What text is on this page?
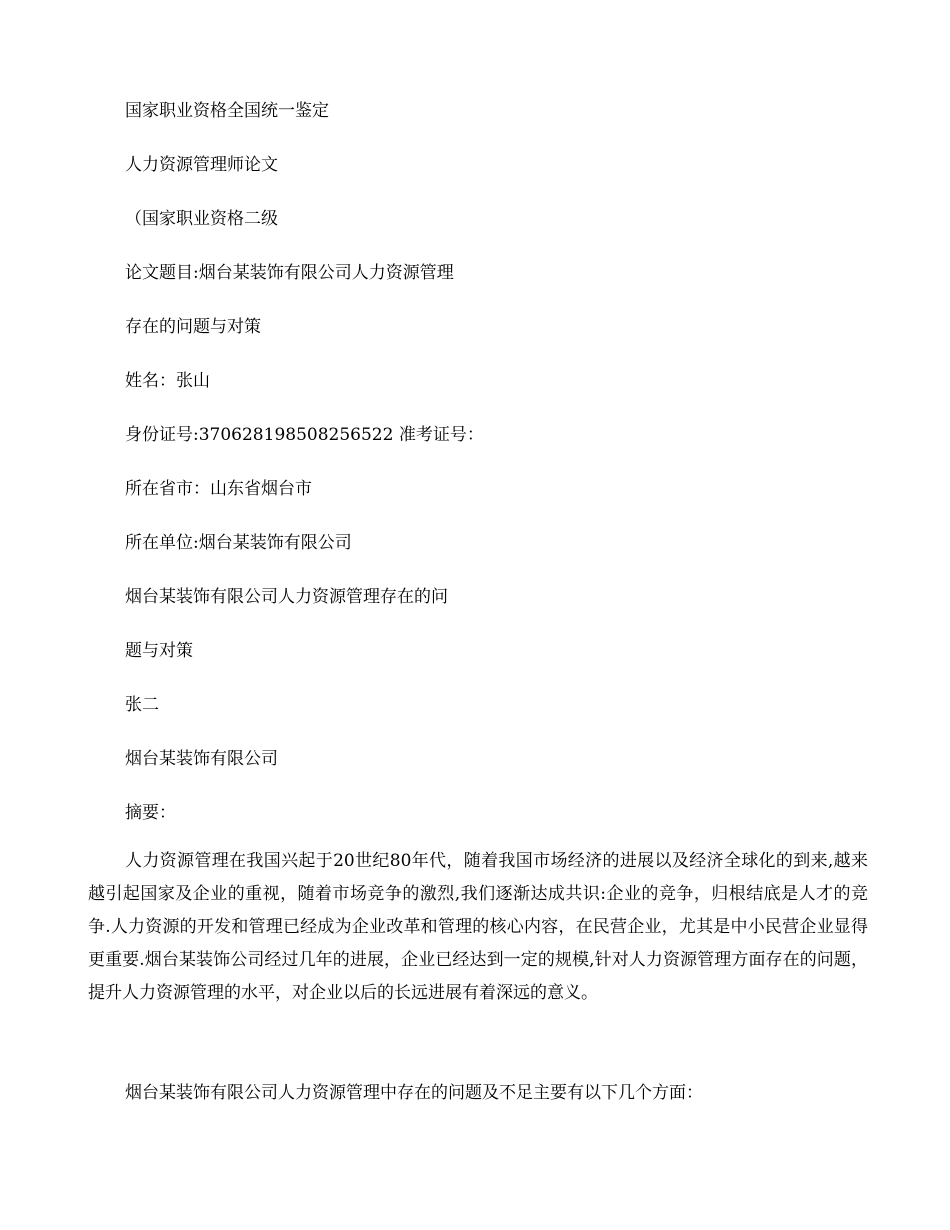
国家职业资格全国统一鉴定
人力资源管理师论文
（国家职业资格二级
论文题目:烟台某装饰有限公司人力资源管理
存在的问题与对策
姓名：张山
身份证号:370628198508256522 准考证号：
所在省市：山东省烟台市
所在单位:烟台某装饰有限公司
烟台某装饰有限公司人力资源管理存在的问
题与对策
张二
烟台某装饰有限公司
摘要：
人力资源管理在我国兴起于20世纪80年代，随着我国市场经济的进展以及经济全球化的到来,越来越引起国家及企业的重视，随着市场竞争的激烈,我们逐渐达成共识:企业的竞争，归根结底是人才的竞争.人力资源的开发和管理已经成为企业改革和管理的核心内容，在民营企业，尤其是中小民营企业显得更重要.烟台某装饰公司经过几年的进展，企业已经达到一定的规模,针对人力资源管理方面存在的问题，提升人力资源管理的水平，对企业以后的长远进展有着深远的意义。
烟台某装饰有限公司人力资源管理中存在的问题及不足主要有以下几个方面：
